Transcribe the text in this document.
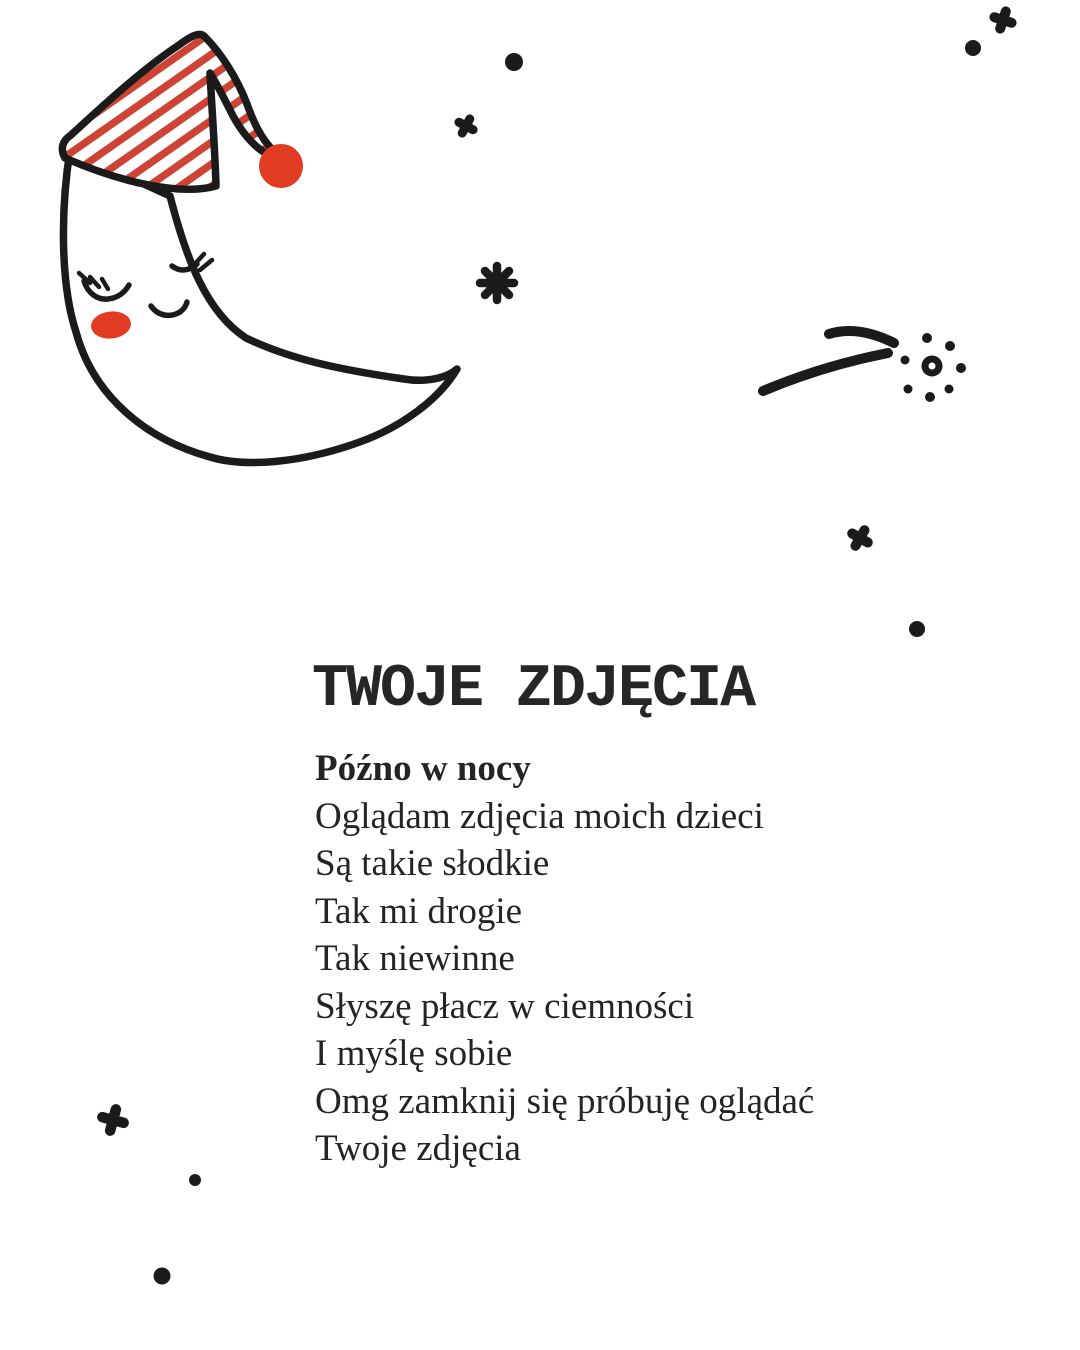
TWOJE ZDJĘCIA

Późno w nocy

Oglądam zdjęcia moich dzieci

Są takie słodkie

Tak mi drogie

Tak niewinne

Słyszę płacz w ciemności

I myślę sobie

Omg zamknij się próbuję oglądać

Twoje zdjęcia
